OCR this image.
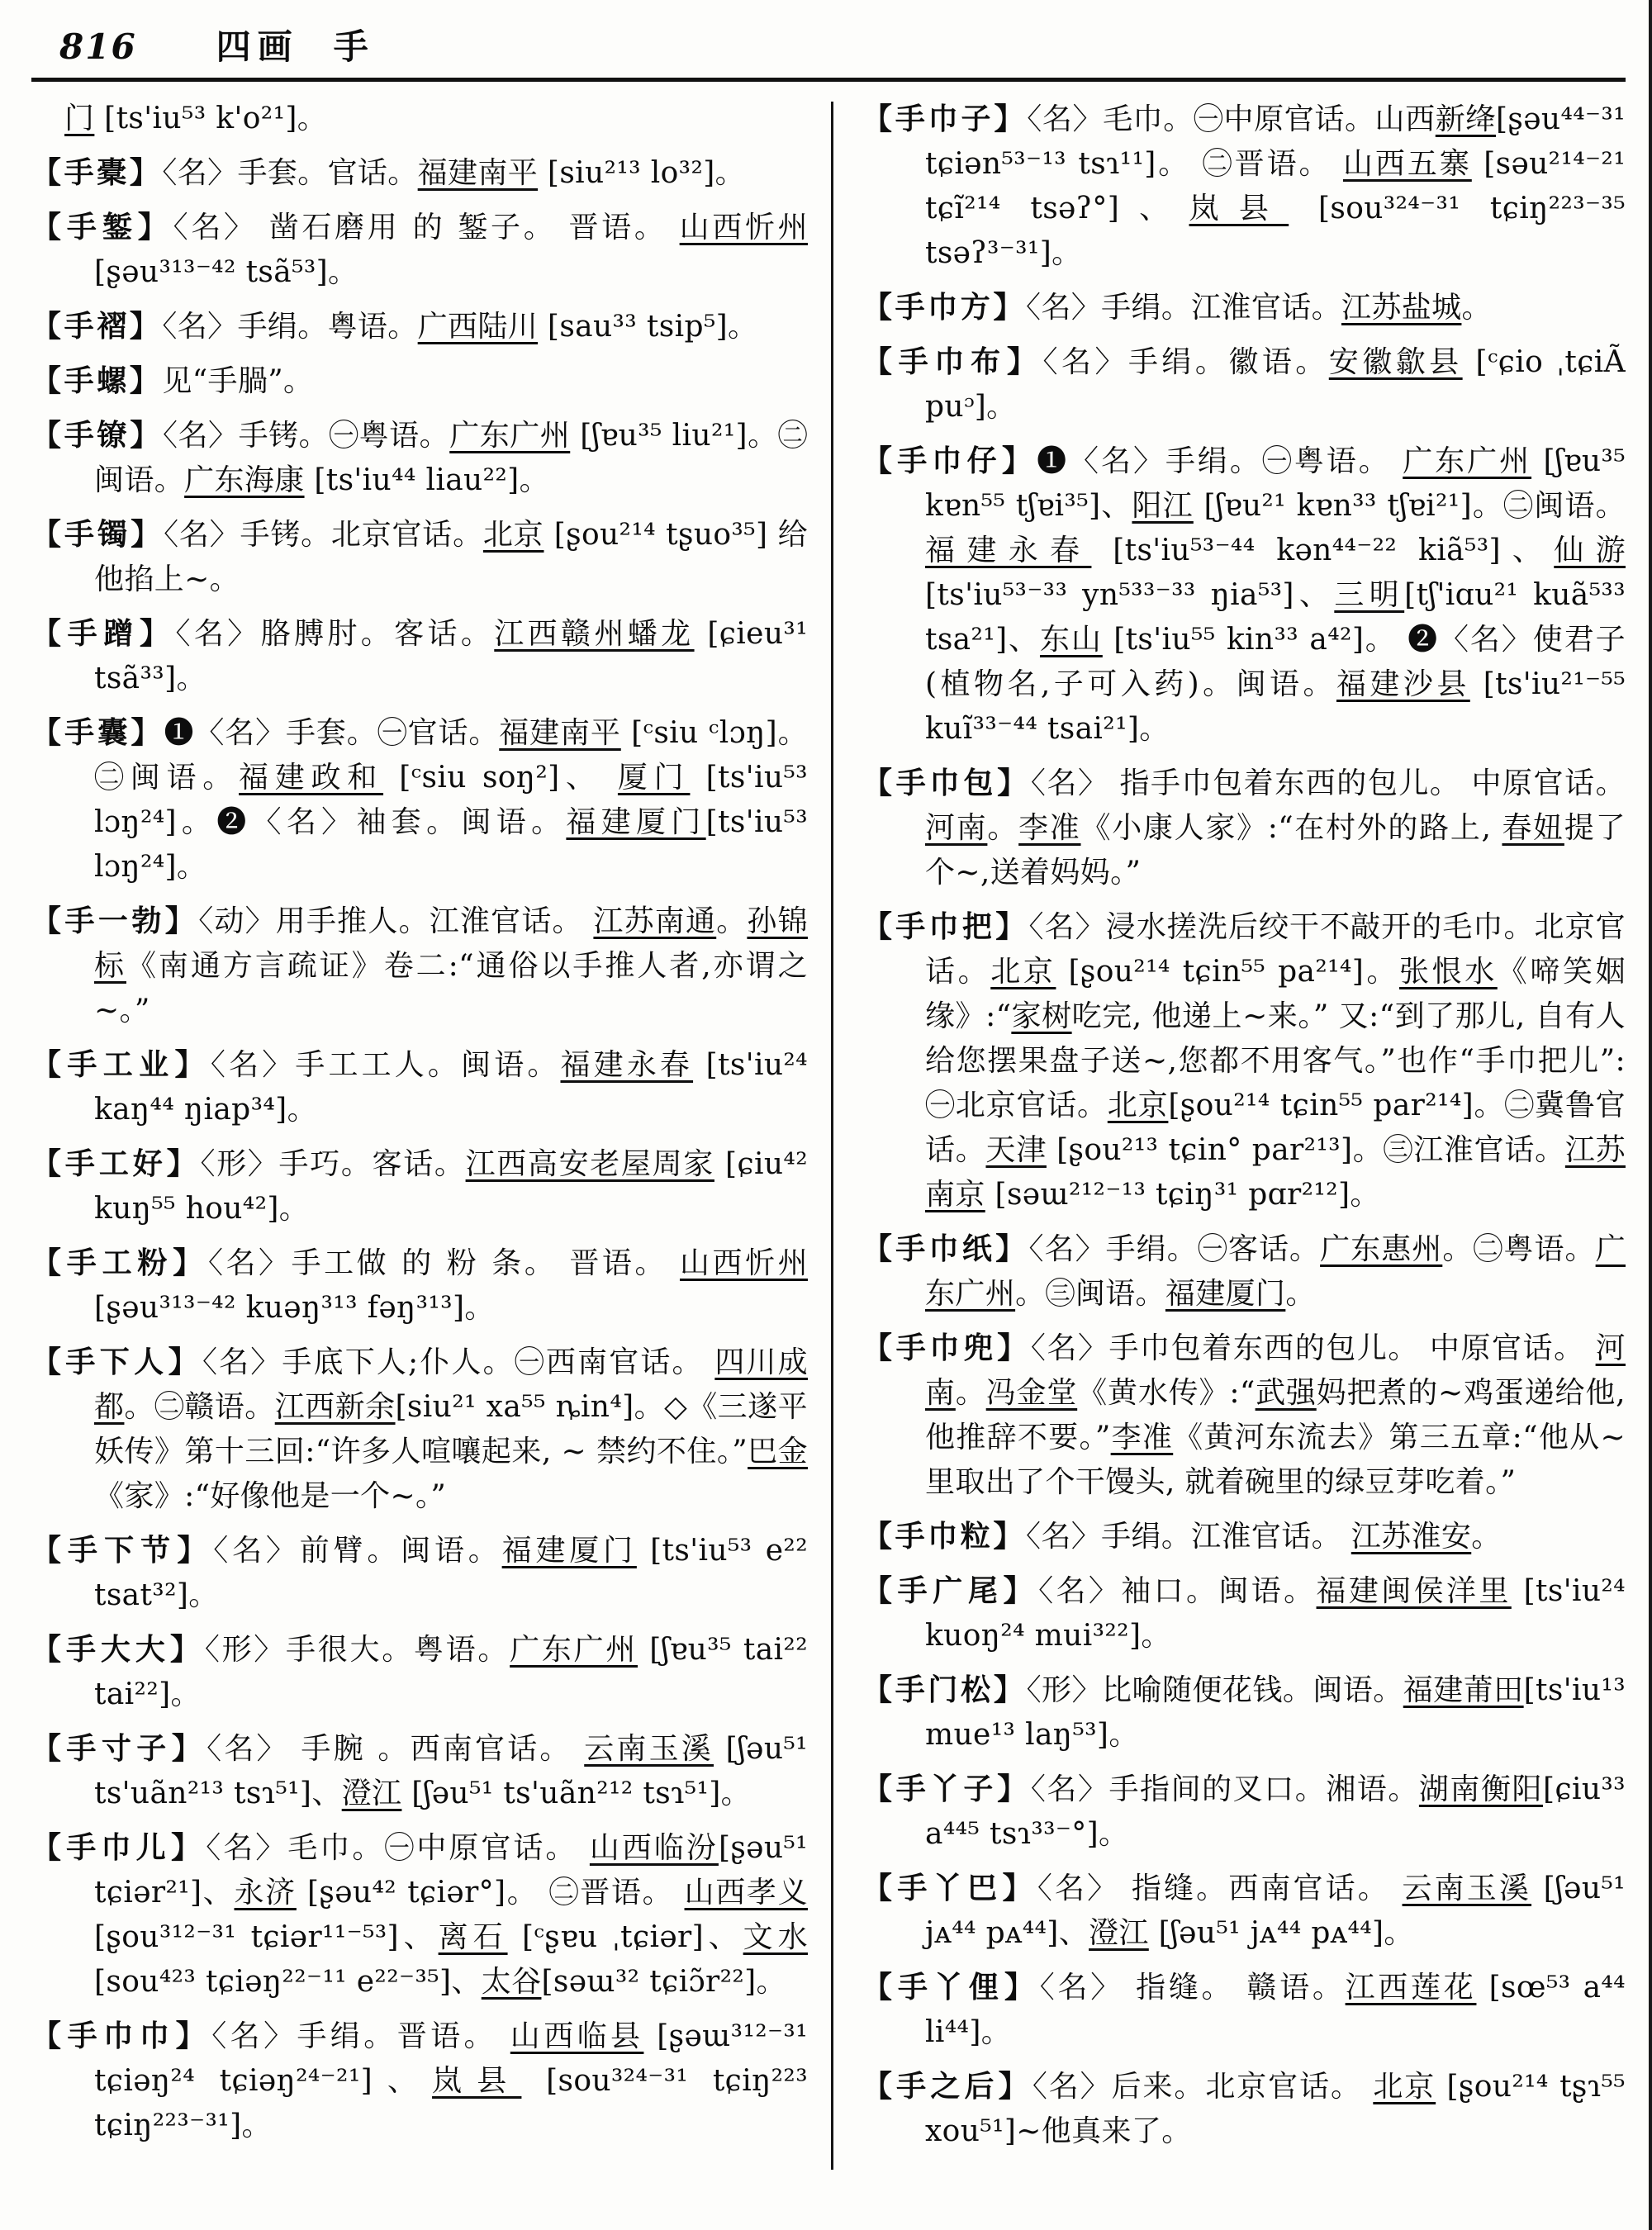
816 四画 手

门 [ts'iu⁵³ k'o²¹]。

【手橐】〈名〉手套。官话。福建南平 [siu²¹³ lo³²]。

【手錾】〈名〉 凿石磨用 的 錾子。 晋语。 山西忻州 [ʂəu³¹³⁻⁴² tsã⁵³]。

【手褶】〈名〉手绢。粤语。广西陆川 [sau³³ tsip⁵]。

【手螺】见“手腡”。

【手镣】〈名〉手铐。㊀粤语。广东广州 [ʃɐu³⁵ liu²¹]。㊁闽语。广东海康 [ts'iu⁴⁴ liau²²]。

【手镯】〈名〉手铐。北京官话。北京 [ʂou²¹⁴ tʂuo³⁵] 给他掐上~。

【手蹭】〈名〉胳膊肘。客话。江西赣州蟠龙 [ɕieu³¹ tsã³³]。

【手囊】❶〈名〉手套。㊀官话。福建南平 [ᶜsiu ᶜlɔŋ]。㊁闽语。福建政和 [ᶜsiu soŋ²]、 厦门 [ts'iu⁵³ lɔŋ²⁴]。❷〈名〉袖套。闽语。福建厦门[ts'iu⁵³ lɔŋ²⁴]。

【手一勃】〈动〉用手推人。江淮官话。 江苏南通。孙锦标《南通方言疏证》卷二:“通俗以手推人者,亦谓之~。”

【手工业】〈名〉手工工人。闽语。福建永春 [ts'iu²⁴ kaŋ⁴⁴ ŋiap³⁴]。

【手工好】〈形〉手巧。客话。江西高安老屋周家 [ɕiu⁴² kuŋ⁵⁵ hou⁴²]。

【手工粉】〈名〉手工做 的 粉 条。 晋语。 山西忻州 [ʂəu³¹³⁻⁴² kuəŋ³¹³ fəŋ³¹³]。

【手下人】〈名〉手底下人;仆人。㊀西南官话。 四川成都。㊁赣语。江西新余[siu²¹ xa⁵⁵ ȵin⁴]。◇《三遂平妖传》第十三回:“许多人喧嚷起来, ~ 禁约不住。”巴金《家》:“好像他是一个~。”

【手下节】〈名〉前臂。闽语。福建厦门 [ts'iu⁵³ e²² tsat³²]。

【手大大】〈形〉手很大。粤语。广东广州 [ʃɐu³⁵ tai²² tai²²]。

【手寸子】〈名〉 手腕 。西南官话。 云南玉溪 [ʃəu⁵¹ ts'uãn²¹³ tsɿ⁵¹]、澄江 [ʃəu⁵¹ ts'uãn²¹² tsɿ⁵¹]。

【手巾儿】〈名〉毛巾。㊀中原官话。 山西临汾[ʂəu⁵¹ tɕiər²¹]、永济 [ʂəu⁴² tɕiər°]。 ㊁晋语。 山西孝义[ʂou³¹²⁻³¹ tɕiər¹¹⁻⁵³]、离石 [ᶜʂɐu ˌtɕiər]、文水[sou⁴²³ tɕiəŋ²²⁻¹¹ e²²⁻³⁵]、太谷[səɯ³² tɕiɔ̃r²²]。

【手巾巾】〈名〉手绢。晋语。 山西临县 [ʂəɯ³¹²⁻³¹ tɕiəŋ²⁴ tɕiəŋ²⁴⁻²¹]、岚县 [sou³²⁴⁻³¹ tɕiŋ²²³ tɕiŋ²²³⁻³¹]。

【手巾子】〈名〉毛巾。㊀中原官话。山西新绛[ʂəu⁴⁴⁻³¹ tɕiən⁵³⁻¹³ tsɿ¹¹]。 ㊁晋语。 山西五寨 [səu²¹⁴⁻²¹ tɕĩ²¹⁴ tsəʔ°]、岚县 [sou³²⁴⁻³¹ tɕiŋ²²³⁻³⁵ tsəʔ³⁻³¹]。

【手巾方】〈名〉手绢。江淮官话。江苏盐城。

【手巾布】〈名〉手绢。徽语。安徽歙县 [ᶜɕio ˌtɕiÃ puᵓ]。

【手巾仔】❶〈名〉手绢。㊀粤语。 广东广州 [ʃɐu³⁵ kɐn⁵⁵ tʃɐi³⁵]、阳江 [ʃɐu²¹ kɐn³³ tʃɐi²¹]。㊁闽语。福建永春 [ts'iu⁵³⁻⁴⁴ kən⁴⁴⁻²² kiã⁵³]、仙游[ts'iu⁵³⁻³³ yn⁵³³⁻³³ ŋia⁵³]、三明[tʃ'iɑu²¹ kuã⁵³³ tsa²¹]、东山 [ts'iu⁵⁵ kin³³ a⁴²]。 ❷〈名〉使君子(植物名,子可入药)。闽语。福建沙县 [ts'iu²¹⁻⁵⁵ kuĩ³³⁻⁴⁴ tsai²¹]。

【手巾包】〈名〉 指手巾包着东西的包儿。 中原官话。河南。李准《小康人家》:“在村外的路上, 春妞提了个~,送着妈妈。”

【手巾把】〈名〉浸水搓洗后绞干不敲开的毛巾。北京官话。北京 [ʂou²¹⁴ tɕin⁵⁵ pa²¹⁴]。张恨水《啼笑姻缘》:“家树吃完, 他递上~来。” 又:“到了那儿, 自有人给您摆果盘子送~,您都不用客气。”也作“手巾把儿”:㊀北京官话。北京[ʂou²¹⁴ tɕin⁵⁵ par²¹⁴]。㊁冀鲁官话。天津 [ʂou²¹³ tɕin° par²¹³]。㊂江淮官话。江苏南京 [səɯ²¹²⁻¹³ tɕiŋ³¹ pɑr²¹²]。

【手巾纸】〈名〉手绢。㊀客话。广东惠州。㊁粤语。广东广州。㊂闽语。福建厦门。

【手巾兜】〈名〉手巾包着东西的包儿。 中原官话。 河南。冯金堂《黄水传》:“武强妈把煮的~鸡蛋递给他,他推辞不要。”李准《黄河东流去》第三五章:“他从~里取出了个干馒头, 就着碗里的绿豆芽吃着。”

【手巾粒】〈名〉手绢。江淮官话。 江苏淮安。

【手广尾】〈名〉袖口。闽语。福建闽侯洋里 [ts'iu²⁴ kuoŋ²⁴ mui³²²]。

【手门松】〈形〉比喻随便花钱。闽语。福建莆田[ts'iu¹³ mue¹³ laŋ⁵³]。

【手丫子】〈名〉手指间的叉口。湘语。湖南衡阳[ɕiu³³ a⁴⁴⁵ tsɿ³³⁻°]。

【手丫巴】〈名〉 指缝。西南官话。 云南玉溪 [ʃəu⁵¹ jᴀ⁴⁴ pᴀ⁴⁴]、澄江 [ʃəu⁵¹ jᴀ⁴⁴ pᴀ⁴⁴]。

【手丫俚】〈名〉 指缝。 赣语。江西莲花 [sœ⁵³ a⁴⁴ li⁴⁴]。

【手之后】〈名〉后来。北京官话。 北京 [ʂou²¹⁴ tʂɿ⁵⁵ xou⁵¹]~他真来了。
